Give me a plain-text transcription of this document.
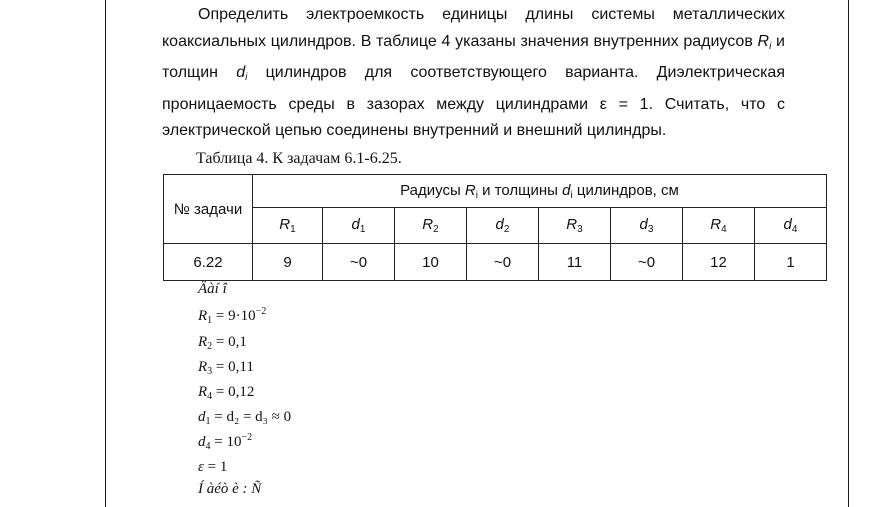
Определить электроемкость единицы длины системы металлических коаксиальных цилиндров. В таблице 4 указаны значения внутренних радиусов $R_i$ и толщин $d_i$ цилиндров для соответствующего варианта. Диэлектрическая проницаемость среды в зазорах между цилиндрами ε = 1. Считать, что с электрической цепью соединены внутренний и внешний цилиндры.
Таблица 4. К задачам 6.1-6.25.
№ задачи	Радиусы $R_i$ и толщины $d_i$ цилиндров, см							
	$R_1$	$d_1$	$R_2$	$d_2$	$R_3$	$d_3$	$R_4$	$d_4$
6.22	9	~0	10	~0	11	~0	12	1
Äàí î
$R_1 = 9\cdot 10^{-2}$
$R_2 = 0,1$
$R_3 = 0,11$
$R_4 = 0,12$
$d_1 = d_2 = d_3 \approx 0$
$d_4 = 10^{-2}$
ε = 1
Í àéò è : Ñ
